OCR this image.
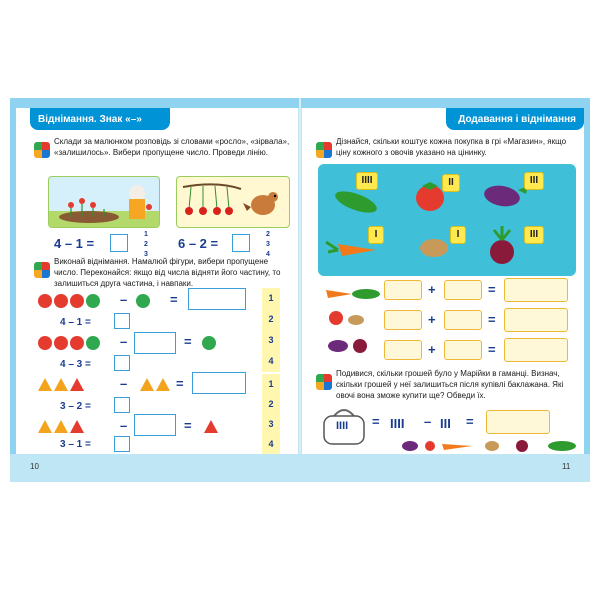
Віднімання. Знак «–»	Додавання і віднімання
10	11
Склади за малюнком розповідь зі словами «росло», «зірвала», «залишилось». Вибери пропущене число. Проведи лінію.
4 – 1 =
1
2
3
6 – 2 =
2
3
4
Виконай віднімання. Намалюй фігури, вибери пропущене число. Переконайся: якщо від числа відняти його частину, то залишиться друга частина, і навпаки.
–	=
4 – 1 =
–	=
4 – 3 =
1
2
3
4
–	=
3 – 2 =
–	=
3 – 1 =
1
2
3
4
Дізнайся, скільки коштує кожна покупка в грі «Магазин», якщо ціну кожного з овочів указано на цінинку.
IIII	II	III
I	I	III
+	=
+	=
+	=
Подивися, скільки грошей було у Марійки в гаманці. Визнач, скільки грошей у неї залишиться після купівлі баклажана. Які овочі вона зможе купити ще? Обведи їх.
IIII = IIII – III =
